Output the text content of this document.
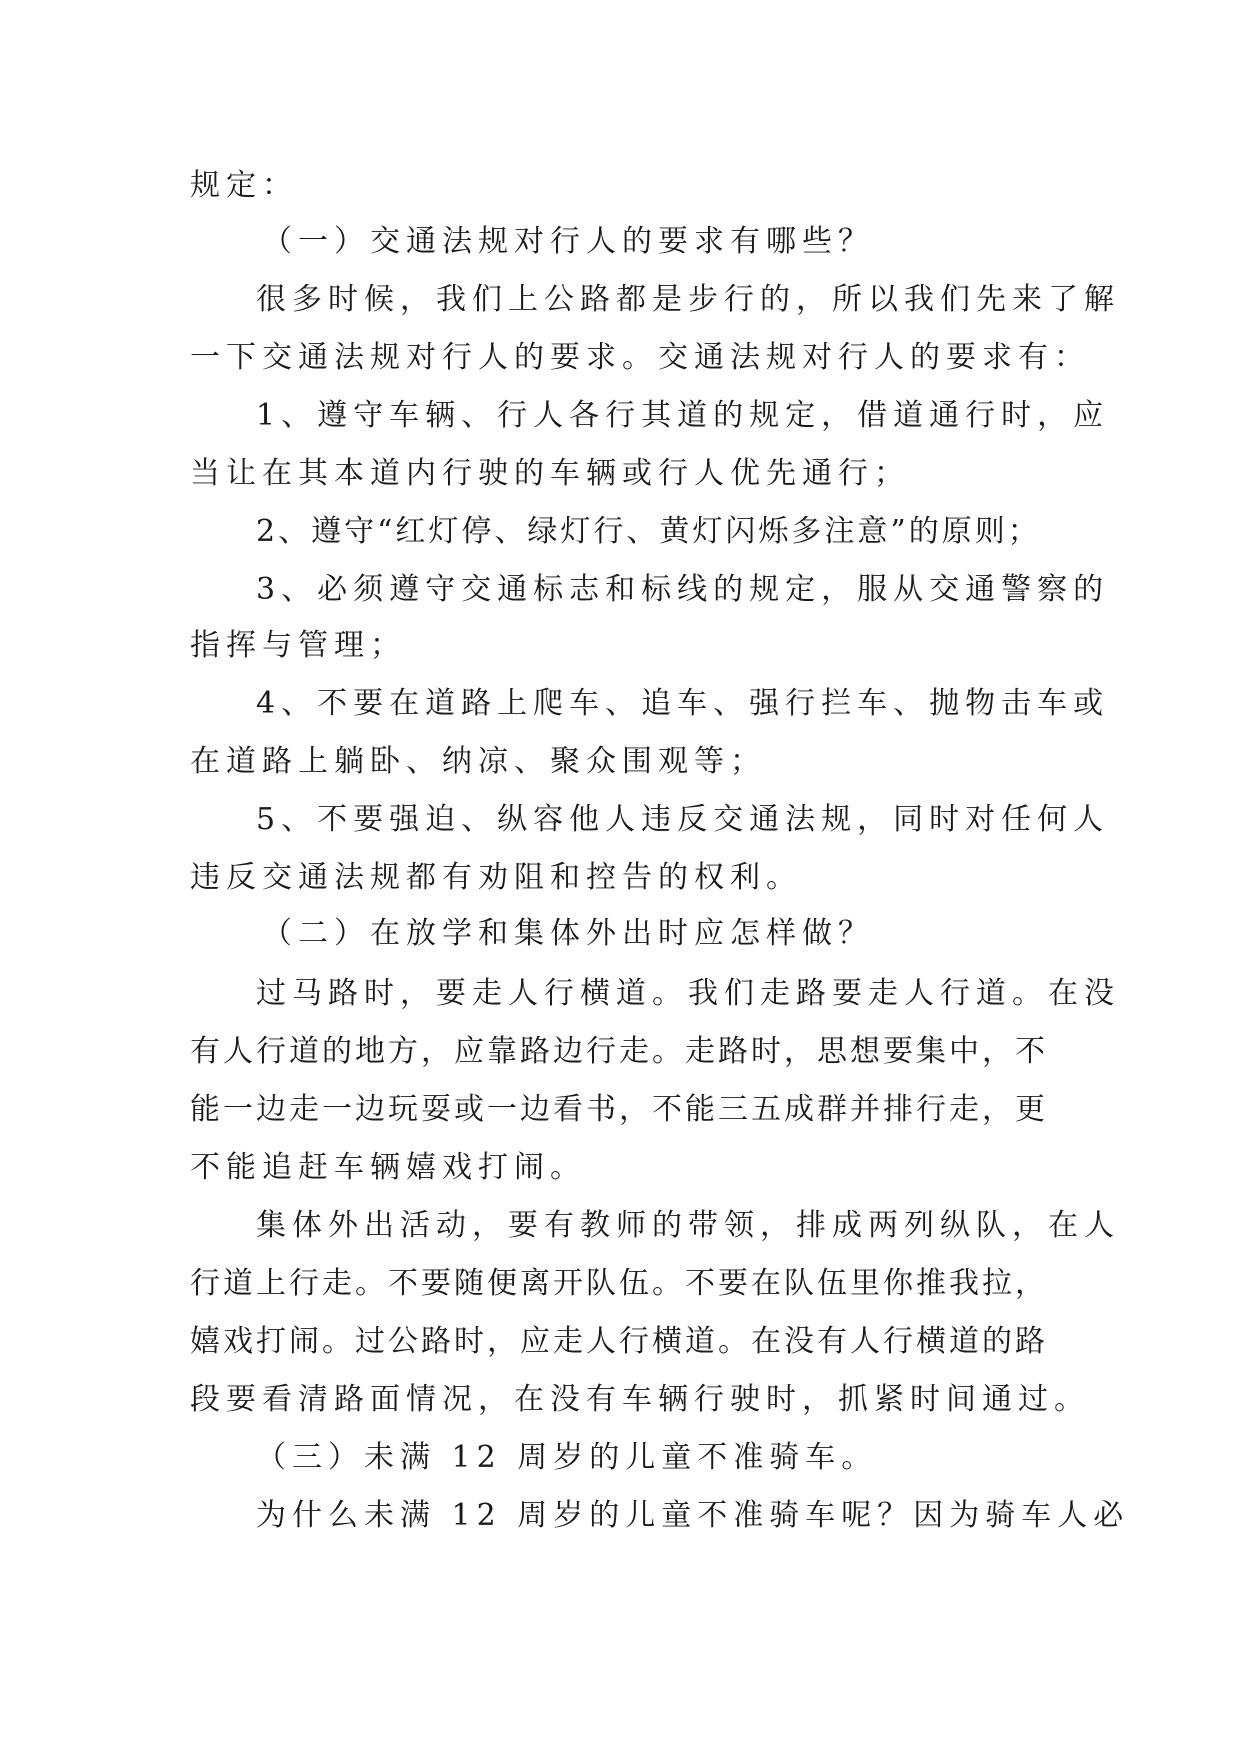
规定：
（一）交通法规对行人的要求有哪些？
很多时候，我们上公路都是步行的，所以我们先来了解
一下交通法规对行人的要求。交通法规对行人的要求有：
1、遵守车辆、行人各行其道的规定，借道通行时，应
当让在其本道内行驶的车辆或行人优先通行；
2、遵守“红灯停、绿灯行、黄灯闪烁多注意”的原则；
3、必须遵守交通标志和标线的规定，服从交通警察的
指挥与管理；
4、不要在道路上爬车、追车、强行拦车、抛物击车或
在道路上躺卧、纳凉、聚众围观等；
5、不要强迫、纵容他人违反交通法规，同时对任何人
违反交通法规都有劝阻和控告的权利。
（二）在放学和集体外出时应怎样做？
过马路时，要走人行横道。我们走路要走人行道。在没
有人行道的地方，应靠路边行走。走路时，思想要集中，不
能一边走一边玩耍或一边看书，不能三五成群并排行走，更
不能追赶车辆嬉戏打闹。
集体外出活动，要有教师的带领，排成两列纵队，在人
行道上行走。不要随便离开队伍。不要在队伍里你推我拉，
嬉戏打闹。过公路时，应走人行横道。在没有人行横道的路
段要看清路面情况，在没有车辆行驶时，抓紧时间通过。
（三）未满 12 周岁的儿童不准骑车。
为什么未满 12 周岁的儿童不准骑车呢？因为骑车人必
